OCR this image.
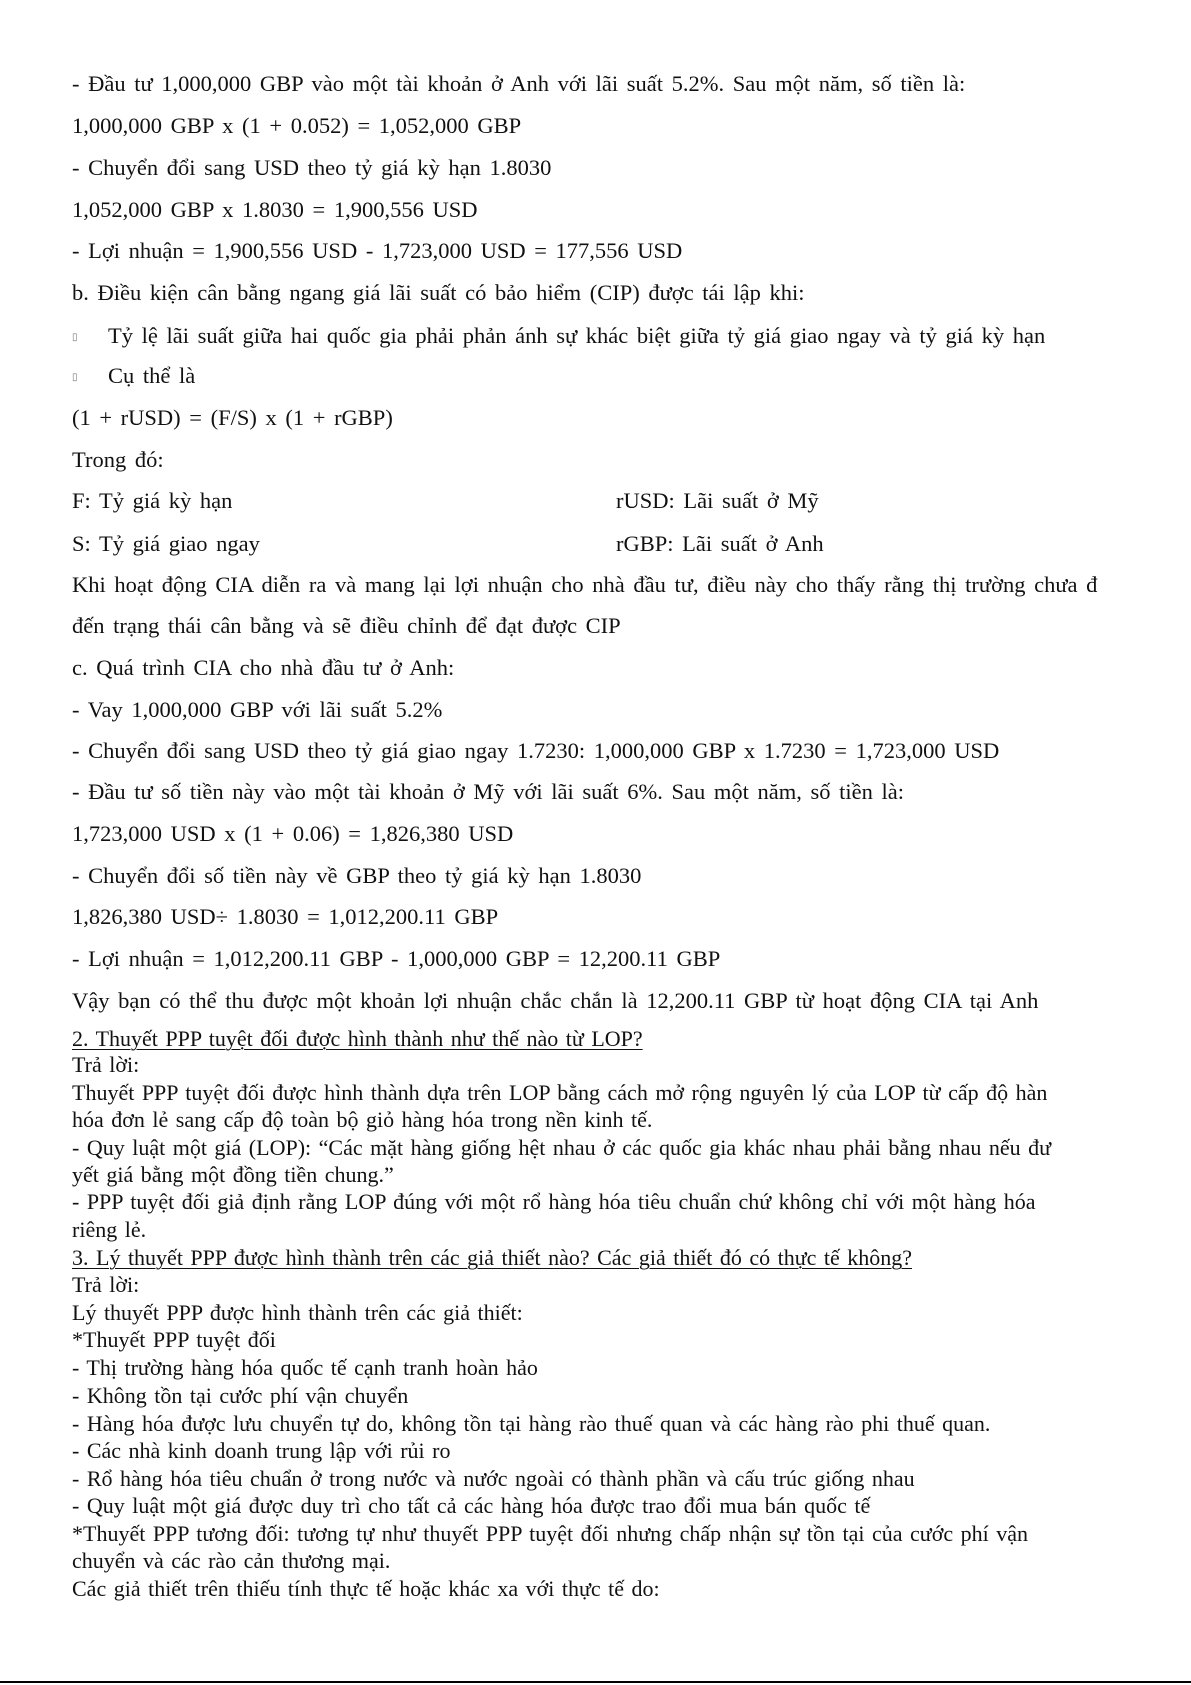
- Đầu tư 1,000,000 GBP vào một tài khoản ở Anh với lãi suất 5.2%. Sau một năm, số tiền là:
1,000,000 GBP x (1 + 0.052) = 1,052,000 GBP
- Chuyển đổi sang USD theo tỷ giá kỳ hạn 1.8030
1,052,000 GBP x 1.8030 = 1,900,556 USD
- Lợi nhuận = 1,900,556 USD - 1,723,000 USD = 177,556 USD
b. Điều kiện cân bằng ngang giá lãi suất có bảo hiểm (CIP) được tái lập khi:
▯ Tỷ lệ lãi suất giữa hai quốc gia phải phản ánh sự khác biệt giữa tỷ giá giao ngay và tỷ giá kỳ hạn
▯ Cụ thể là
(1 + rUSD) = (F/S) x (1 + rGBP)
Trong đó:
F: Tỷ giá kỳ hạn	rUSD: Lãi suất ở Mỹ
S: Tỷ giá giao ngay	rGBP: Lãi suất ở Anh
Khi hoạt động CIA diễn ra và mang lại lợi nhuận cho nhà đầu tư, điều này cho thấy rằng thị trường chưa đ
đến trạng thái cân bằng và sẽ điều chỉnh để đạt được CIP
c. Quá trình CIA cho nhà đầu tư ở Anh:
- Vay 1,000,000 GBP với lãi suất 5.2%
- Chuyển đổi sang USD theo tỷ giá giao ngay 1.7230: 1,000,000 GBP x 1.7230 = 1,723,000 USD
- Đầu tư số tiền này vào một tài khoản ở Mỹ với lãi suất 6%. Sau một năm, số tiền là:
1,723,000 USD x (1 + 0.06) = 1,826,380 USD
- Chuyển đổi số tiền này về GBP theo tỷ giá kỳ hạn 1.8030
1,826,380 USD÷ 1.8030 = 1,012,200.11 GBP
- Lợi nhuận = 1,012,200.11 GBP - 1,000,000 GBP = 12,200.11 GBP
Vậy bạn có thể thu được một khoản lợi nhuận chắc chắn là 12,200.11 GBP từ hoạt động CIA tại Anh
2. Thuyết PPP tuyệt đối được hình thành như thế nào từ LOP?
Trả lời:
Thuyết PPP tuyệt đối được hình thành dựa trên LOP bằng cách mở rộng nguyên lý của LOP từ cấp độ hàn
hóa đơn lẻ sang cấp độ toàn bộ giỏ hàng hóa trong nền kinh tế.
- Quy luật một giá (LOP): “Các mặt hàng giống hệt nhau ở các quốc gia khác nhau phải bằng nhau nếu đư
yết giá bằng một đồng tiền chung.”
- PPP tuyệt đối giả định rằng LOP đúng với một rổ hàng hóa tiêu chuẩn chứ không chỉ với một hàng hóa
riêng lẻ.
3. Lý thuyết PPP được hình thành trên các giả thiết nào? Các giả thiết đó có thực tế không?
Trả lời:
Lý thuyết PPP được hình thành trên các giả thiết:
*Thuyết PPP tuyệt đối
- Thị trường hàng hóa quốc tế cạnh tranh hoàn hảo
- Không tồn tại cước phí vận chuyển
- Hàng hóa được lưu chuyển tự do, không tồn tại hàng rào thuế quan và các hàng rào phi thuế quan.
- Các nhà kinh doanh trung lập với rủi ro
- Rổ hàng hóa tiêu chuẩn ở trong nước và nước ngoài có thành phần và cấu trúc giống nhau
- Quy luật một giá được duy trì cho tất cả các hàng hóa được trao đổi mua bán quốc tế
*Thuyết PPP tương đối: tương tự như thuyết PPP tuyệt đối nhưng chấp nhận sự tồn tại của cước phí vận
chuyển và các rào cản thương mại.
Các giả thiết trên thiếu tính thực tế hoặc khác xa với thực tế do:
